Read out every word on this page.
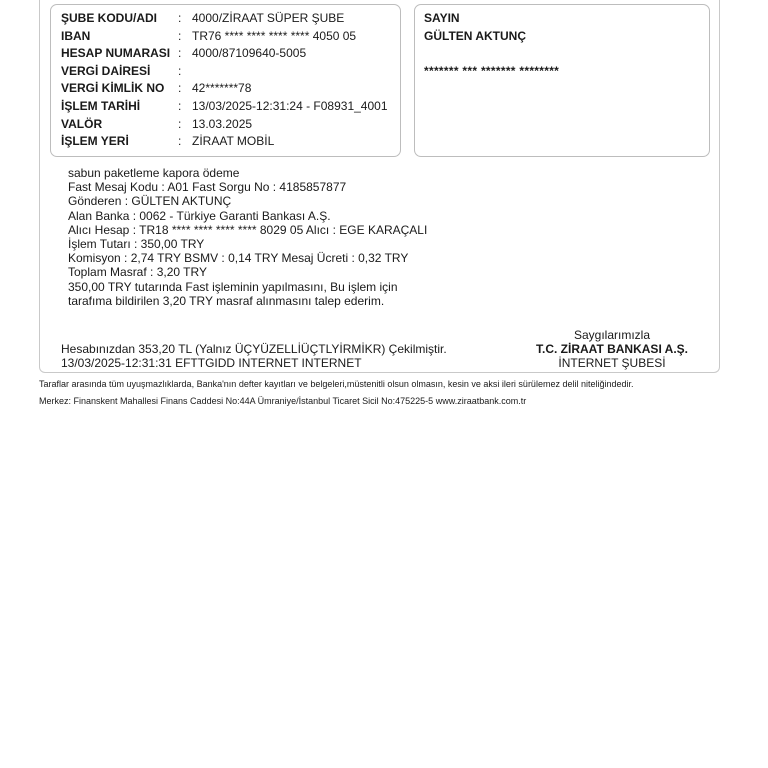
ŞUBE KODU/ADI : 4000/ZİRAAT SÜPER ŞUBE
IBAN	: TR76 **** **** **** **** 4050 05
HESAP NUMARASI : 4000/87109640-5005
VERGİ DAİRESİ :
VERGİ KİMLİK NO : 42*******78
İŞLEM TARİHİ	: 13/03/2025-12:31:24 - F08931_4001
VALÖR	: 13.03.2025
İŞLEM YERİ	: ZİRAAT MOBİL
SAYIN
GÜLTEN AKTUNÇ
******* *** ******* ********
sabun paketleme kapora ödeme
Fast Mesaj Kodu : A01 Fast Sorgu No : 4185857877
Gönderen : GÜLTEN AKTUNÇ
Alan Banka : 0062 - Türkiye Garanti Bankası A.Ş.
Alıcı Hesap : TR18 **** **** **** **** 8029 05 Alıcı : EGE KARAÇALI
İşlem Tutarı : 350,00 TRY
Komisyon : 2,74 TRY BSMV : 0,14 TRY Mesaj Ücreti : 0,32 TRY
Toplam Masraf : 3,20 TRY
350,00 TRY tutarında Fast işleminin yapılmasını, Bu işlem için
tarafıma bildirilen 3,20 TRY masraf alınmasını talep ederim.
Hesabınızdan 353,20 TL (Yalnız ÜÇYÜZELLİÜÇTLYİRMİKR) Çekilmiştir.
13/03/2025-12:31:31 EFTTGIDD INTERNET INTERNET
Saygılarımızla
T.C. ZİRAAT BANKASI A.Ş.
İNTERNET ŞUBESİ
Taraflar arasında tüm uyuşmazlıklarda, Banka'nın defter kayıtları ve belgeleri,müstenitli olsun olmasın, kesin ve aksi ileri sürülemez delil niteliğindedir.
Merkez: Finanskent Mahallesi Finans Caddesi No:44A Ümraniye/İstanbul Ticaret Sicil No:475225-5 www.ziraatbank.com.tr
